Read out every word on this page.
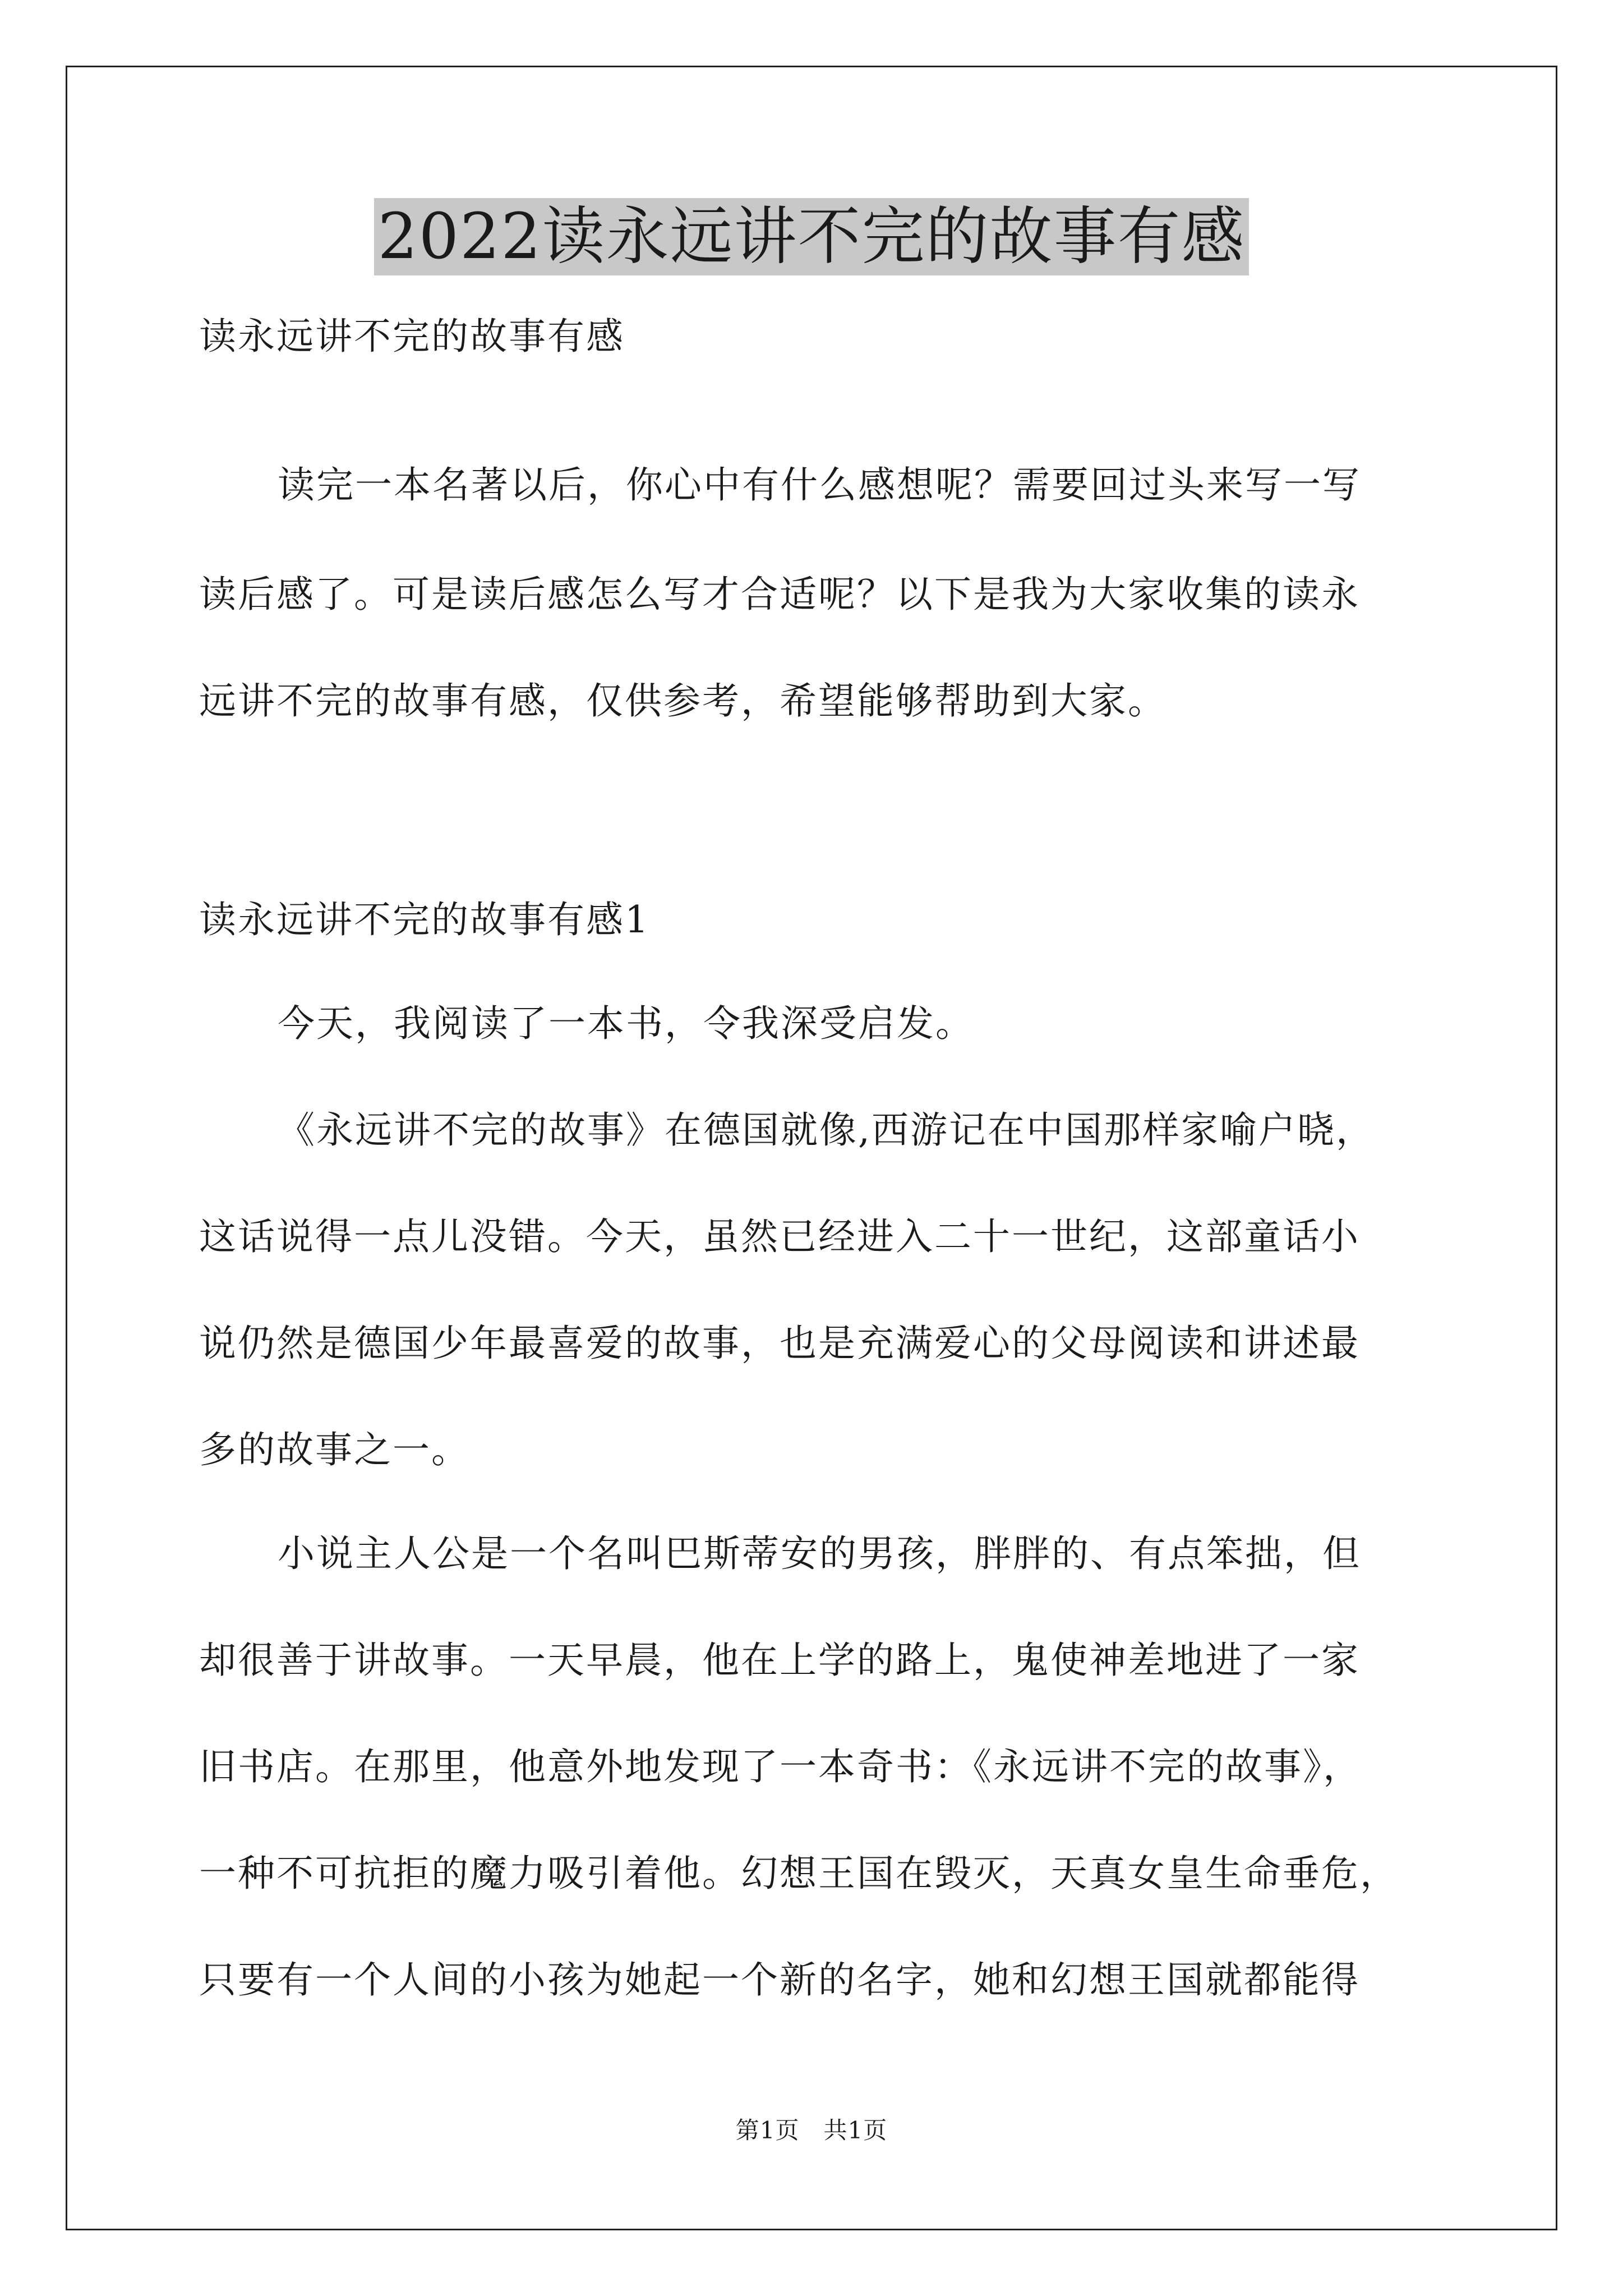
2022读永远讲不完的故事有感
读永远讲不完的故事有感
读完一本名著以后，你心中有什么感想呢？需要回过头来写一写
读后感了。可是读后感怎么写才合适呢？以下是我为大家收集的读永
远讲不完的故事有感，仅供参考，希望能够帮助到大家。
读永远讲不完的故事有感1
今天，我阅读了一本书，令我深受启发。
《永远讲不完的故事》在德国就像,西游记在中国那样家喻户晓，
这话说得一点儿没错。今天，虽然已经进入二十一世纪，这部童话小
说仍然是德国少年最喜爱的故事，也是充满爱心的父母阅读和讲述最
多的故事之一。
小说主人公是一个名叫巴斯蒂安的男孩，胖胖的、有点笨拙，但
却很善于讲故事。一天早晨，他在上学的路上，鬼使神差地进了一家
旧书店。在那里，他意外地发现了一本奇书：《永远讲不完的故事》，
一种不可抗拒的魔力吸引着他。幻想王国在毁灭，天真女皇生命垂危，
只要有一个人间的小孩为她起一个新的名字，她和幻想王国就都能得
第1页　共1页
